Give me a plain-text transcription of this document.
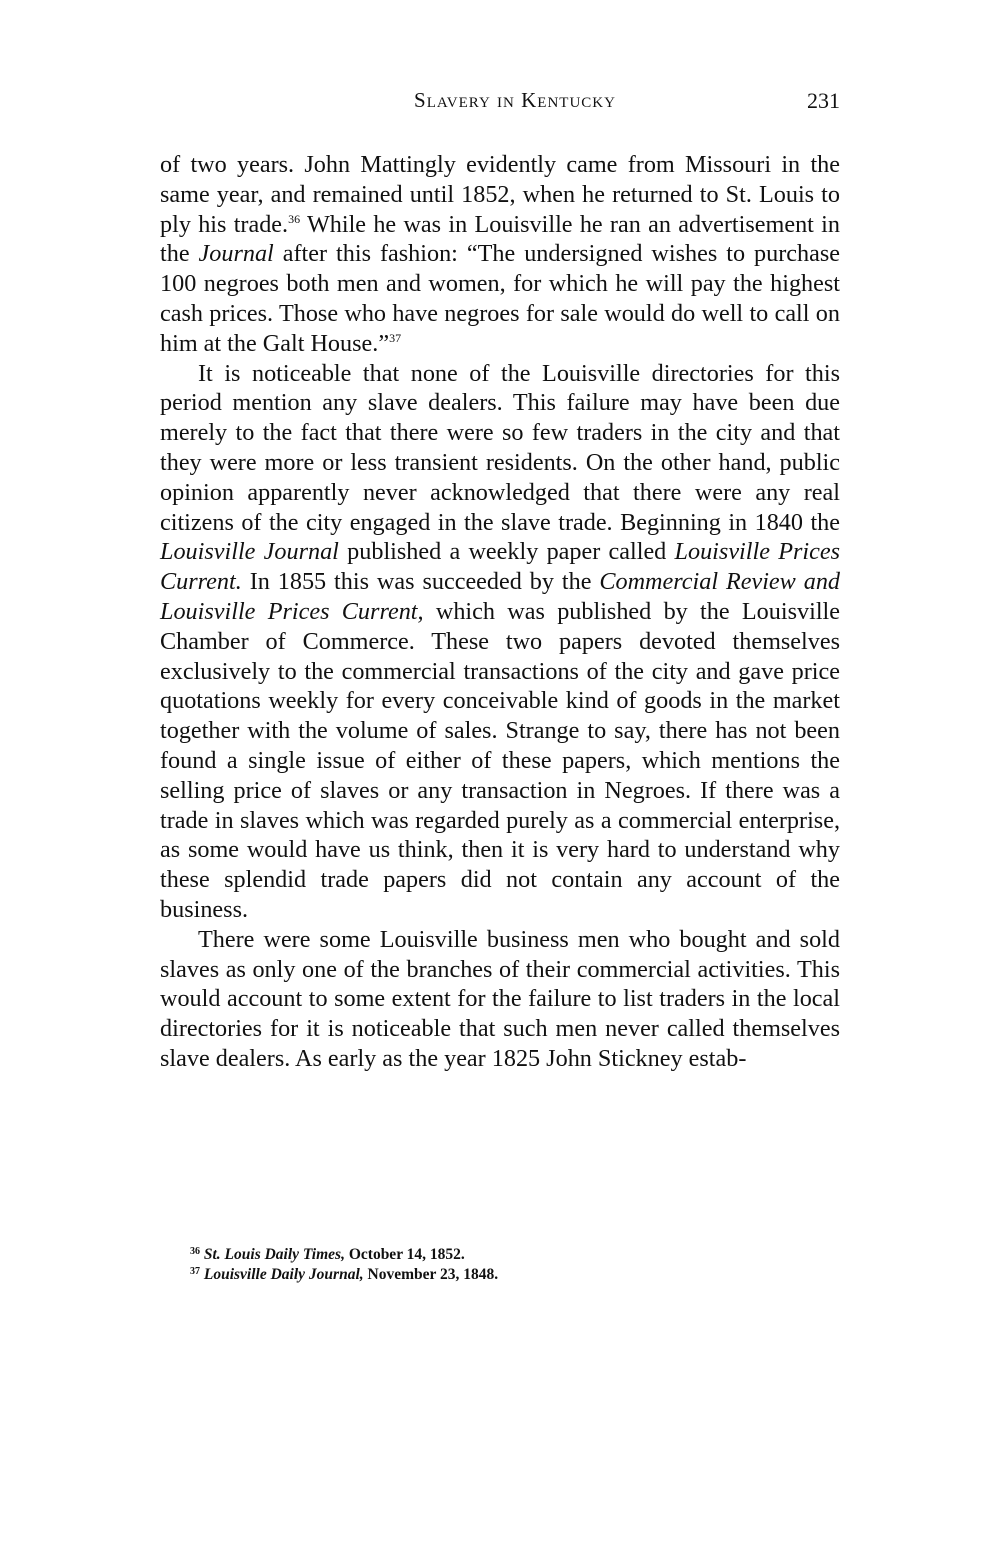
Slavery in Kentucky	231

of two years. John Mattingly evidently came from Missouri in the same year, and remained until 1852, when he returned to St. Louis to ply his trade.$^{36}$ While he was in Louisville he ran an advertisement in the Journal after this fashion: “The undersigned wishes to purchase 100 negroes both men and women, for which he will pay the highest cash prices. Those who have negroes for sale would do well to call on him at the Galt House.”$^{37}$

It is noticeable that none of the Louisville directories for this period mention any slave dealers. This failure may have been due merely to the fact that there were so few traders in the city and that they were more or less transient residents. On the other hand, public opinion apparently never acknowledged that there were any real citizens of the city engaged in the slave trade. Beginning in 1840 the Louisville Journal published a weekly paper called Louisville Prices Current. In 1855 this was succeeded by the Commercial Review and Louisville Prices Current, which was published by the Louisville Chamber of Commerce. These two papers devoted themselves exclusively to the commercial transactions of the city and gave price quotations weekly for every conceivable kind of goods in the market together with the volume of sales. Strange to say, there has not been found a single issue of either of these papers, which mentions the selling price of slaves or any transaction in Negroes. If there was a trade in slaves which was regarded purely as a commercial enterprise, as some would have us think, then it is very hard to understand why these splendid trade papers did not contain any account of the business.

There were some Louisville business men who bought and sold slaves as only one of the branches of their commercial activities. This would account to some extent for the failure to list traders in the local directories for it is noticeable that such men never called themselves slave dealers. As early as the year 1825 John Stickney estab-

$^{36}$ St. Louis Daily Times, October 14, 1852.
$^{37}$ Louisville Daily Journal, November 23, 1848.
